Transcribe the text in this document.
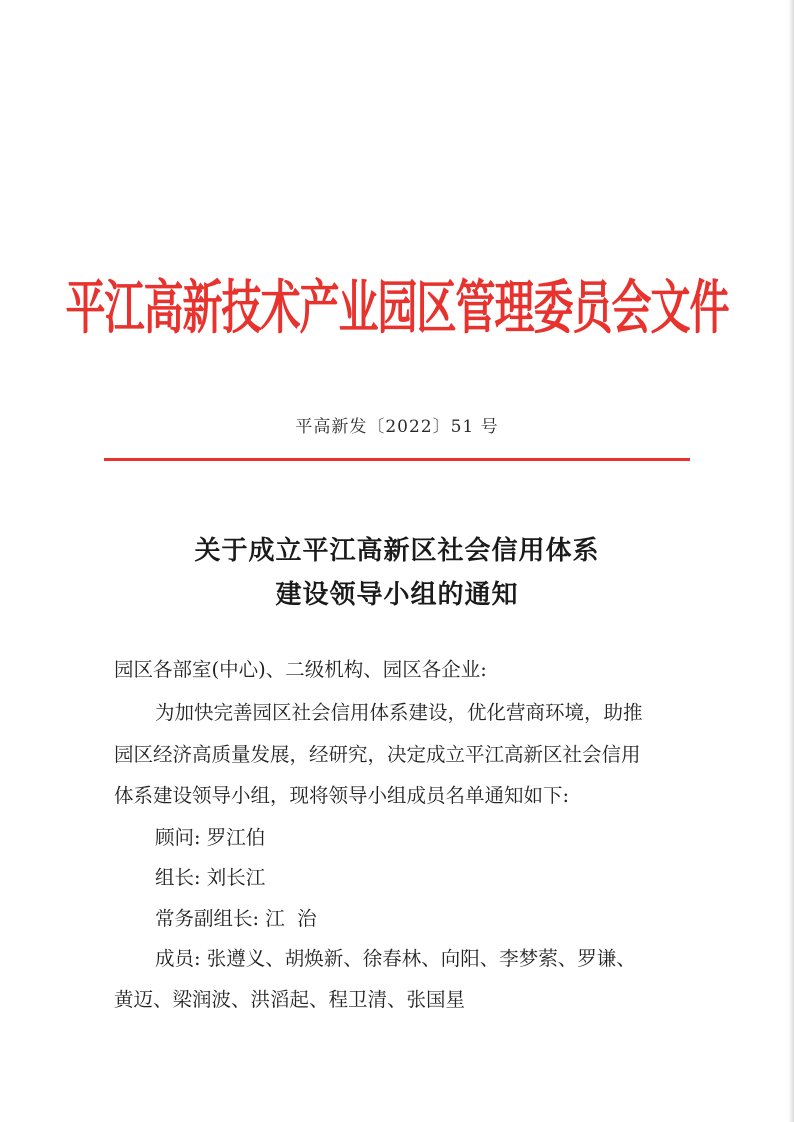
平江高新技术产业园区管理委员会文件
平高新发〔2022〕51 号
关于成立平江高新区社会信用体系
建设领导小组的通知
园区各部室(中心)、二级机构、园区各企业:
为加快完善园区社会信用体系建设，优化营商环境，助推
园区经济高质量发展，经研究，决定成立平江高新区社会信用
体系建设领导小组，现将领导小组成员名单通知如下:
顾问: 罗江伯
组长: 刘长江
常务副组长: 江  治
成员: 张遵义、胡焕新、徐春林、向阳、李梦萦、罗谦、
黄迈、梁润波、洪滔起、程卫清、张国星
